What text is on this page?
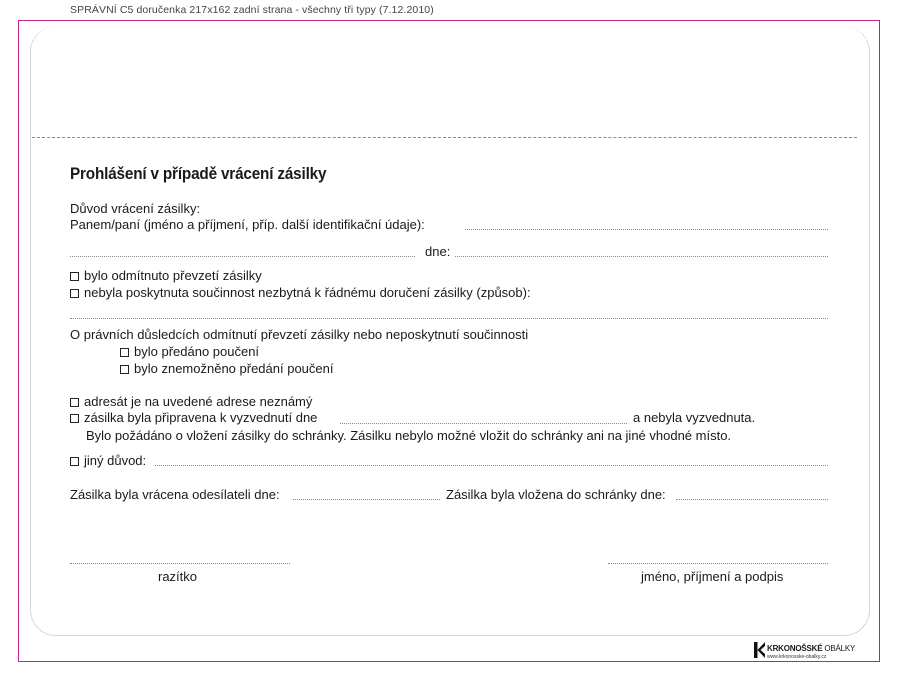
SPRÁVNÍ C5 doručenka 217x162 zadní strana - všechny tři typy (7.12.2010)
Prohlášení v případě vrácení zásilky
Důvod vrácení zásilky:
Panem/paní (jméno a příjmení, příp. další identifikační údaje):
dne:
bylo odmítnuto převzetí zásilky
nebyla poskytnuta součinnost nezbytná k řádnému doručení zásilky (způsob):
O právních důsledcích odmítnutí převzetí zásilky nebo neposkytnutí součinnosti
bylo předáno poučení
bylo znemožněno předání poučení
adresát je na uvedené adrese neznámý
zásilka byla připravena k vyzvednutí dne	a nebyla vyzvednuta.
Bylo požádáno o vložení zásilky do schránky. Zásilku nebylo možné vložit do schránky ani na jiné vhodné místo.
jiný důvod:
Zásilka byla vrácena odesílateli dne:	Zásilka byla vložena do schránky dne:
razítko	jméno, příjmení a podpis
KRKONOŠSKÉ OBÁLKY
www.krkonosske-obalky.cz
